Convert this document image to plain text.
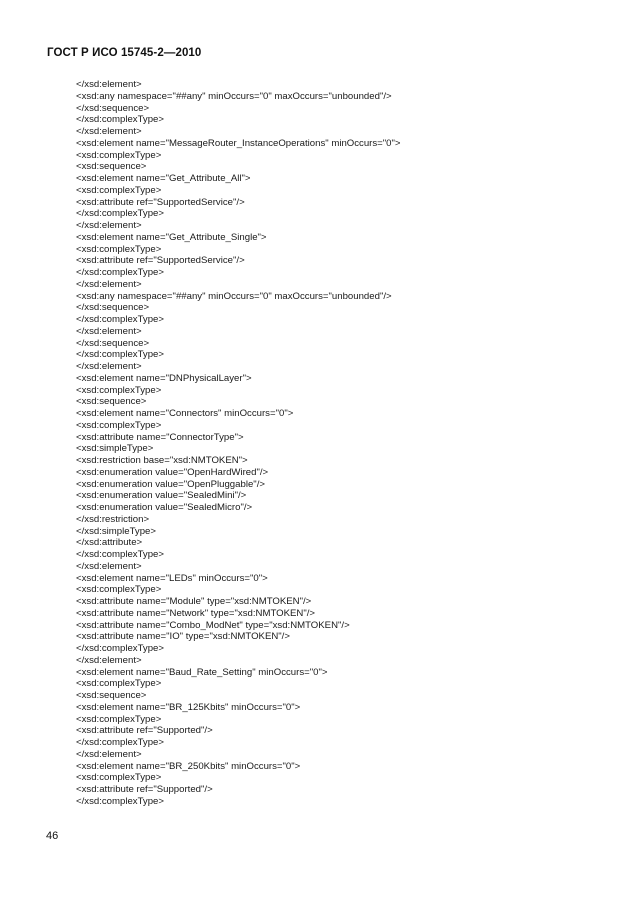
ГОСТ Р ИСО 15745-2—2010
</xsd:element>
<xsd:any namespace="##any" minOccurs="0" maxOccurs="unbounded"/>
</xsd:sequence>
</xsd:complexType>
</xsd:element>
<xsd:element name="MessageRouter_InstanceOperations" minOccurs="0">
<xsd:complexType>
<xsd:sequence>
<xsd:element name="Get_Attribute_All">
<xsd:complexType>
<xsd:attribute ref="SupportedService"/>
</xsd:complexType>
</xsd:element>
<xsd:element name="Get_Attribute_Single">
<xsd:complexType>
<xsd:attribute ref="SupportedService"/>
</xsd:complexType>
</xsd:element>
<xsd:any namespace="##any" minOccurs="0" maxOccurs="unbounded"/>
</xsd:sequence>
</xsd:complexType>
</xsd:element>
</xsd:sequence>
</xsd:complexType>
</xsd:element>
<xsd:element name="DNPhysicalLayer">
<xsd:complexType>
<xsd:sequence>
<xsd:element name="Connectors" minOccurs="0">
<xsd:complexType>
<xsd:attribute name="ConnectorType">
<xsd:simpleType>
<xsd:restriction base="xsd:NMTOKEN">
<xsd:enumeration value="OpenHardWired"/>
<xsd:enumeration value="OpenPluggable"/>
<xsd:enumeration value="SealedMini"/>
<xsd:enumeration value="SealedMicro"/>
</xsd:restriction>
</xsd:simpleType>
</xsd:attribute>
</xsd:complexType>
</xsd:element>
<xsd:element name="LEDs" minOccurs="0">
<xsd:complexType>
<xsd:attribute name="Module" type="xsd:NMTOKEN"/>
<xsd:attribute name="Network" type="xsd:NMTOKEN"/>
<xsd:attribute name="Combo_ModNet" type="xsd:NMTOKEN"/>
<xsd:attribute name="IO" type="xsd:NMTOKEN"/>
</xsd:complexType>
</xsd:element>
<xsd:element name="Baud_Rate_Setting" minOccurs="0">
<xsd:complexType>
<xsd:sequence>
<xsd:element name="BR_125Kbits" minOccurs="0">
<xsd:complexType>
<xsd:attribute ref="Supported"/>
</xsd:complexType>
</xsd:element>
<xsd:element name="BR_250Kbits" minOccurs="0">
<xsd:complexType>
<xsd:attribute ref="Supported"/>
</xsd:complexType>
46
